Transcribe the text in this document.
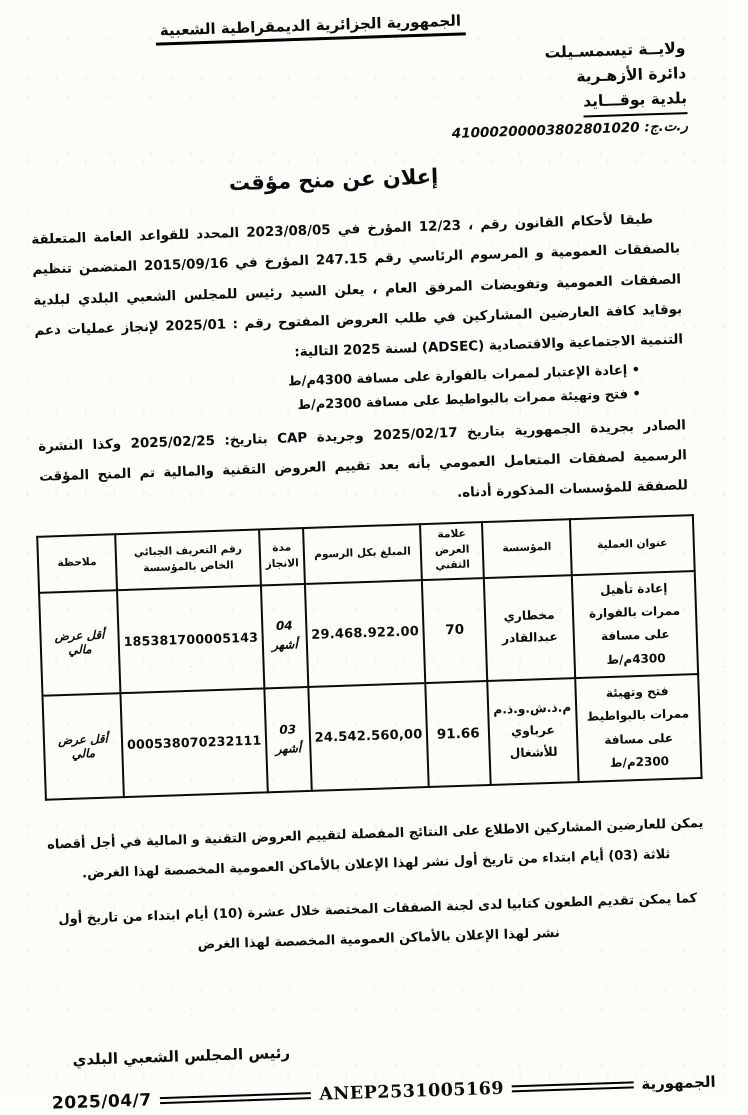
الجمهورية الجزائرية الديمقراطية الشعبية
ولايــة تيسمسـيلت
دائرة الأزهـرية
بلدية بوقـــايد
ر.ت.ج: 41000200003802801020
إعلان عن منح مؤقت

طبقا لأحكام القانون رقم ، 12/23 المؤرخ في 2023/08/05 المحدد للقواعد العامة المتعلقة بالصفقات العمومية و المرسوم الرئاسي رقم 247.15 المؤرخ في 2015/09/16 المتضمن تنظيم الصفقات العمومية وتفويضات المرفق العام ، يعلن السيد رئيس للمجلس الشعبي البلدي لبلدية بوقايد كافة العارضين المشاركين في طلب العروض المفتوح رقم : 2025/01 لإنجاز عمليات دعم التنمية الاجتماعية والاقتصادية (ADSEC) لسنة 2025 التالية:

• إعادة الإعتبار لممرات بالفوارة على مسافة 4300م/ط
• فتح وتهيئة ممرات بالبواطيط على مسافة 2300م/ط

الصادر بجريدة الجمهورية بتاريخ 2025/02/17 وجريدة CAP بتاريخ: 2025/02/25 وكذا النشرة الرسمية لصفقات المتعامل العمومي بأنه بعد تقييم العروض التقنية والمالية تم المنح المؤقت للصفقة للمؤسسات المذكورة أدناه.

عنوان العملية	المؤسسة	علامة العرض التقني	المبلغ بكل الرسوم	مدة الانجاز	رقم التعريف الجبائي الخاص بالمؤسسة	ملاحظة
إعادة تأهيل ممرات بالفوارة على مسافة 4300م/ط	مخطاري عبدالقادر	70	29.468.922.00	04 أشهر	185381700005143	أقل عرض مالي
فتح وتهيئة ممرات بالبواطيط على مسافة 2300م/ط	م.ذ.ش.و.ذ.م عرباوي للأشغال	91.66	24.542.560,00	03 أشهر	000538070232111	أقل عرض مالي

يمكن للعارضين المشاركين الاطلاع على النتائج المفصلة لتقييم العروض التقنية و المالية في أجل أقصاه ثلاثة (03) أيام ابتداء من تاريخ أول نشر لهذا الإعلان بالأماكن العمومية المخصصة لهذا الغرض.

كما يمكن تقديم الطعون كتابيا لدى لجنة الصفقات المختصة خلال عشرة (10) أيام ابتداء من تاريخ أول نشر لهذا الإعلان بالأماكن العمومية المخصصة لهذا الغرض

رئيس المجلس الشعبي البلدي
2025/04/7	ANEP2531005169	الجمهورية
